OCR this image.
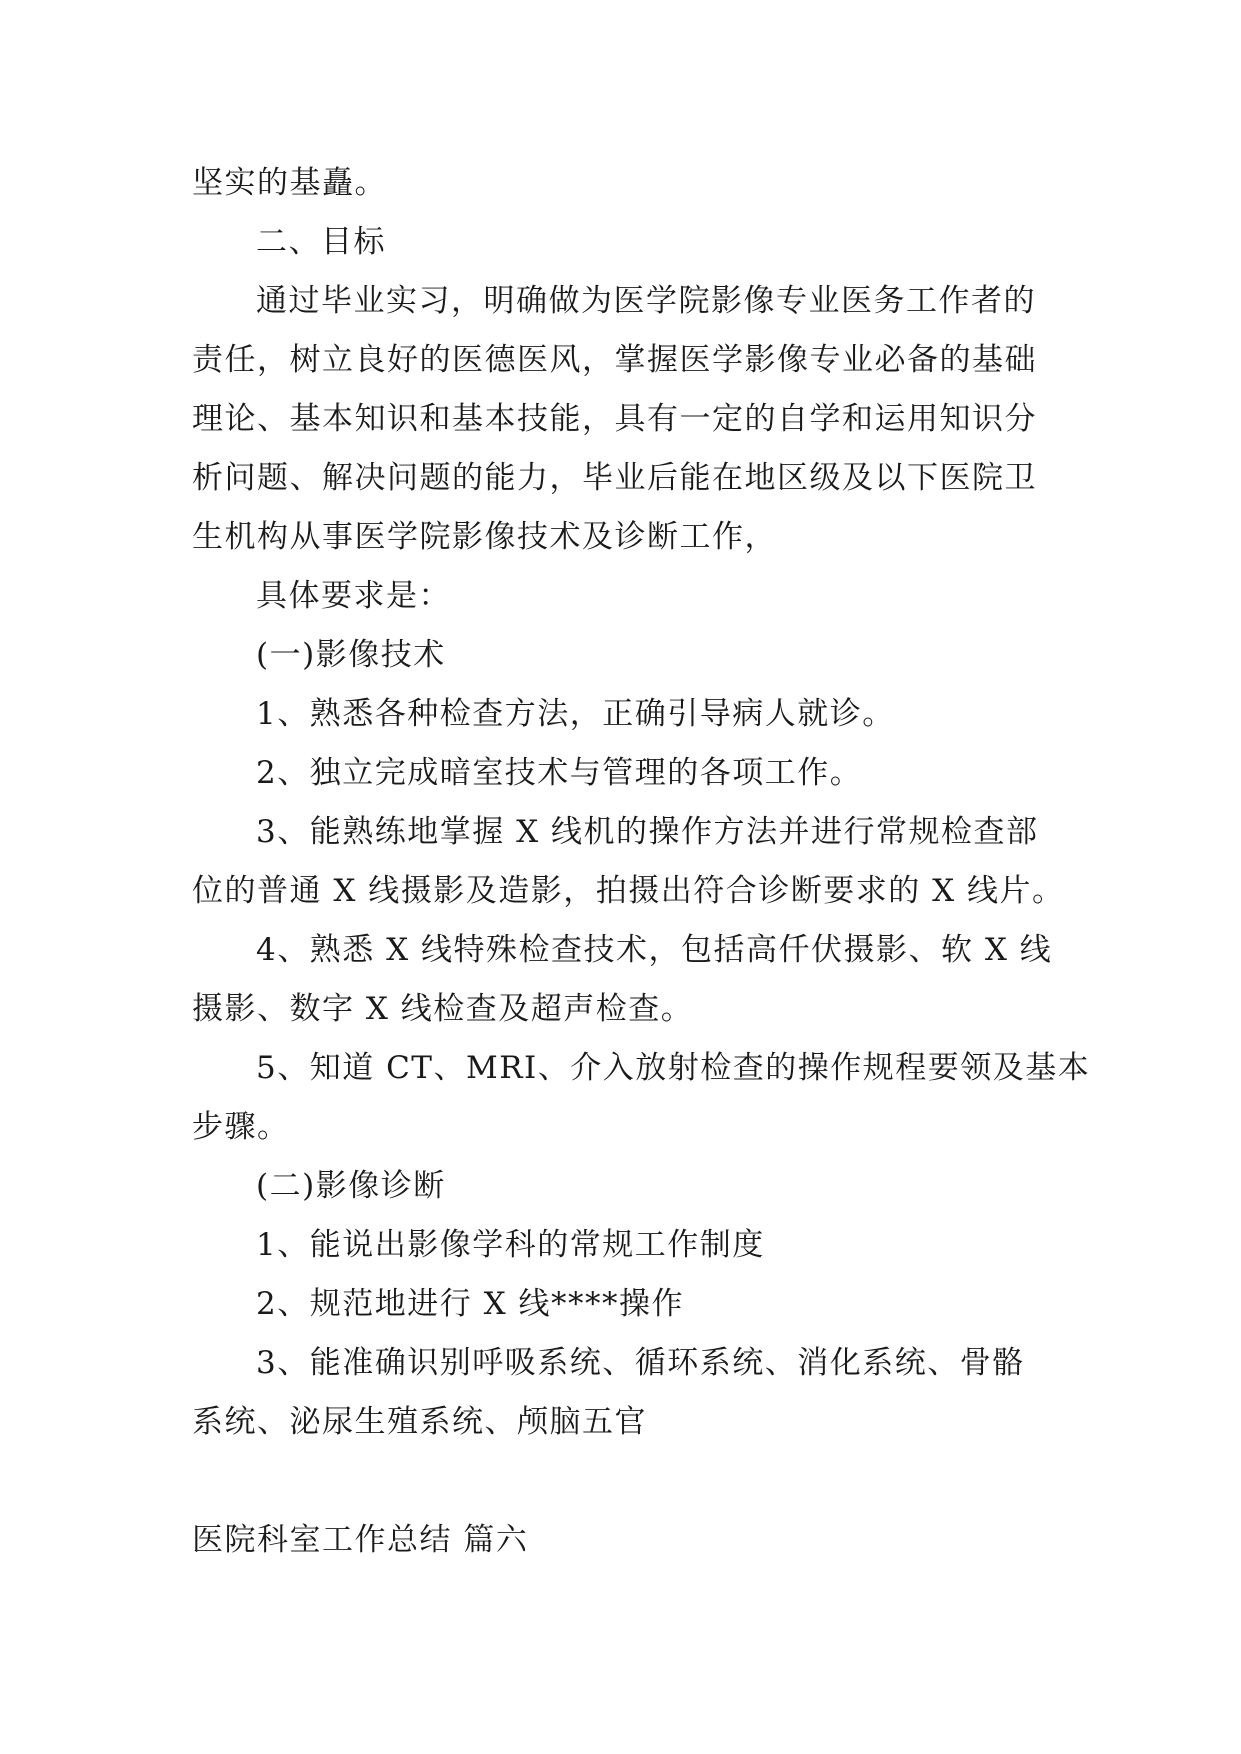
坚实的基矗。
二、目标
通过毕业实习，明确做为医学院影像专业医务工作者的
责任，树立良好的医德医风，掌握医学影像专业必备的基础
理论、基本知识和基本技能，具有一定的自学和运用知识分
析问题、解决问题的能力，毕业后能在地区级及以下医院卫
生机构从事医学院影像技术及诊断工作，
具体要求是：
(一)影像技术
1、熟悉各种检查方法，正确引导病人就诊。
2、独立完成暗室技术与管理的各项工作。
3、能熟练地掌握 X 线机的操作方法并进行常规检查部
位的普通 X 线摄影及造影，拍摄出符合诊断要求的 X 线片。
4、熟悉 X 线特殊检查技术，包括高仟伏摄影、软 X 线
摄影、数字 X 线检查及超声检查。
5、知道 CT、MRI、介入放射检查的操作规程要领及基本
步骤。
(二)影像诊断
1、能说出影像学科的常规工作制度
2、规范地进行 X 线****操作
3、能准确识别呼吸系统、循环系统、消化系统、骨骼
系统、泌尿生殖系统、颅脑五官
医院科室工作总结 篇六
